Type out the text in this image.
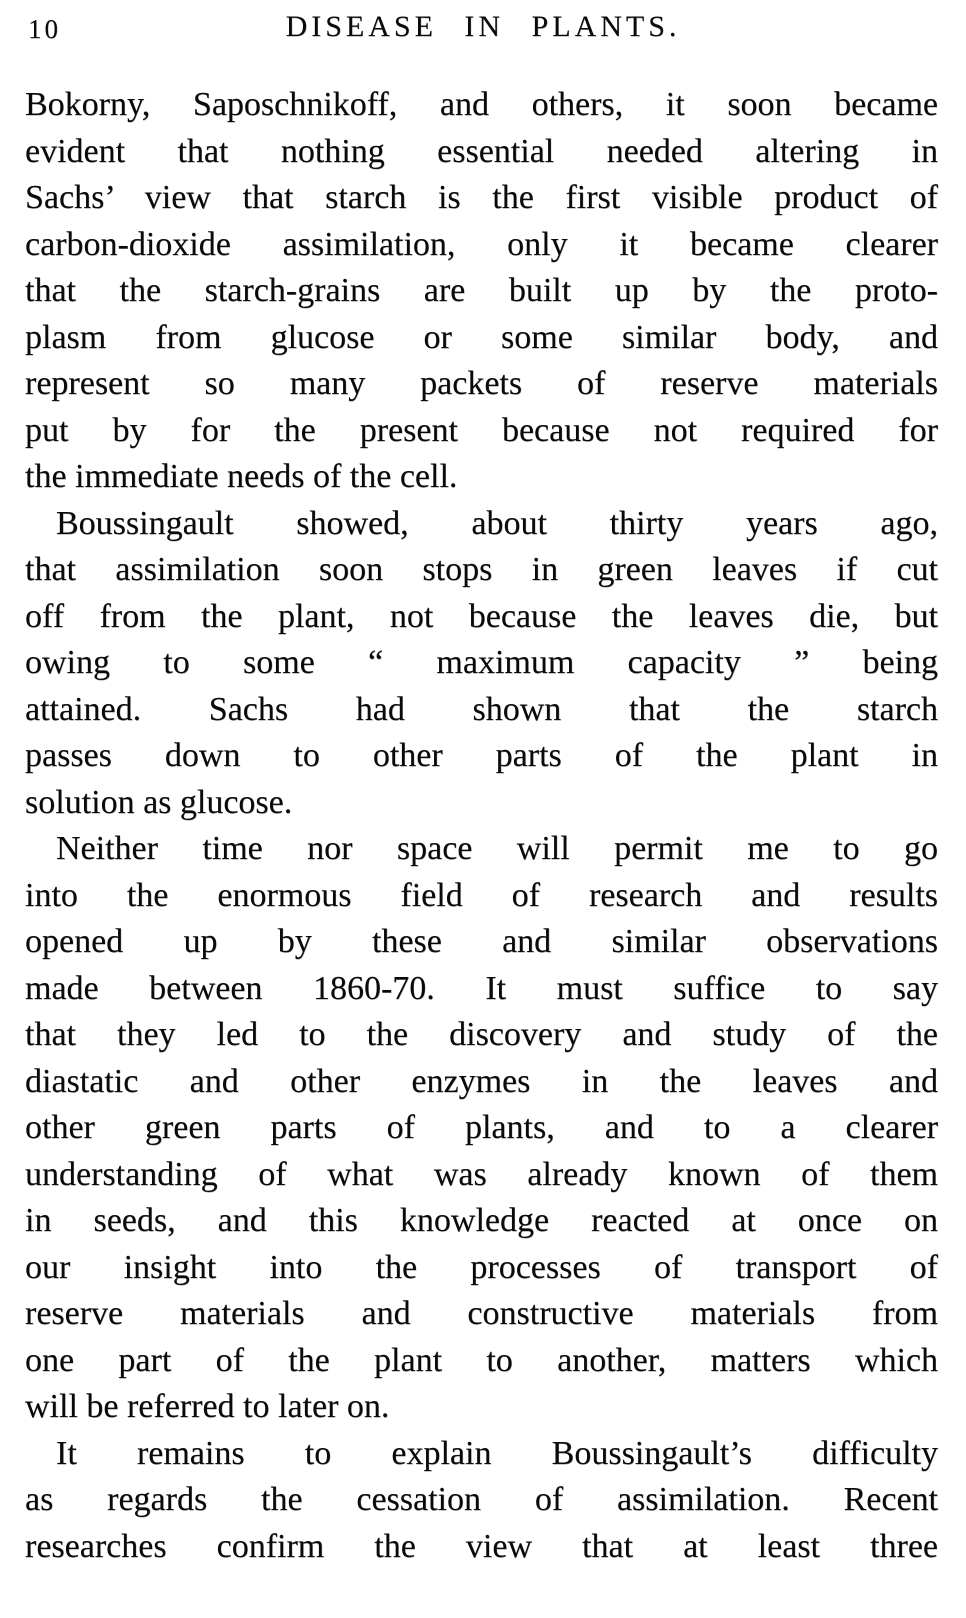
10	DISEASE IN PLANTS.
Bokorny, Saposchnikoff, and others, it soon became
evident that nothing essential needed altering in
Sachs’ view that starch is the first visible product of
carbon-dioxide assimilation, only it became clearer
that the starch-grains are built up by the proto-
plasm from glucose or some similar body, and
represent so many packets of reserve materials
put by for the present because not required for
the immediate needs of the cell.
Boussingault showed, about thirty years ago,
that assimilation soon stops in green leaves if cut
off from the plant, not because the leaves die, but
owing to some “ maximum capacity ” being
attained. Sachs had shown that the starch
passes down to other parts of the plant in
solution as glucose.
Neither time nor space will permit me to go
into the enormous field of research and results
opened up by these and similar observations
made between 1860-70. It must suffice to say
that they led to the discovery and study of the
diastatic and other enzymes in the leaves and
other green parts of plants, and to a clearer
understanding of what was already known of them
in seeds, and this knowledge reacted at once on
our insight into the processes of transport of
reserve materials and constructive materials from
one part of the plant to another, matters which
will be referred to later on.
It remains to explain Boussingault’s difficulty
as regards the cessation of assimilation. Recent
researches confirm the view that at least three
